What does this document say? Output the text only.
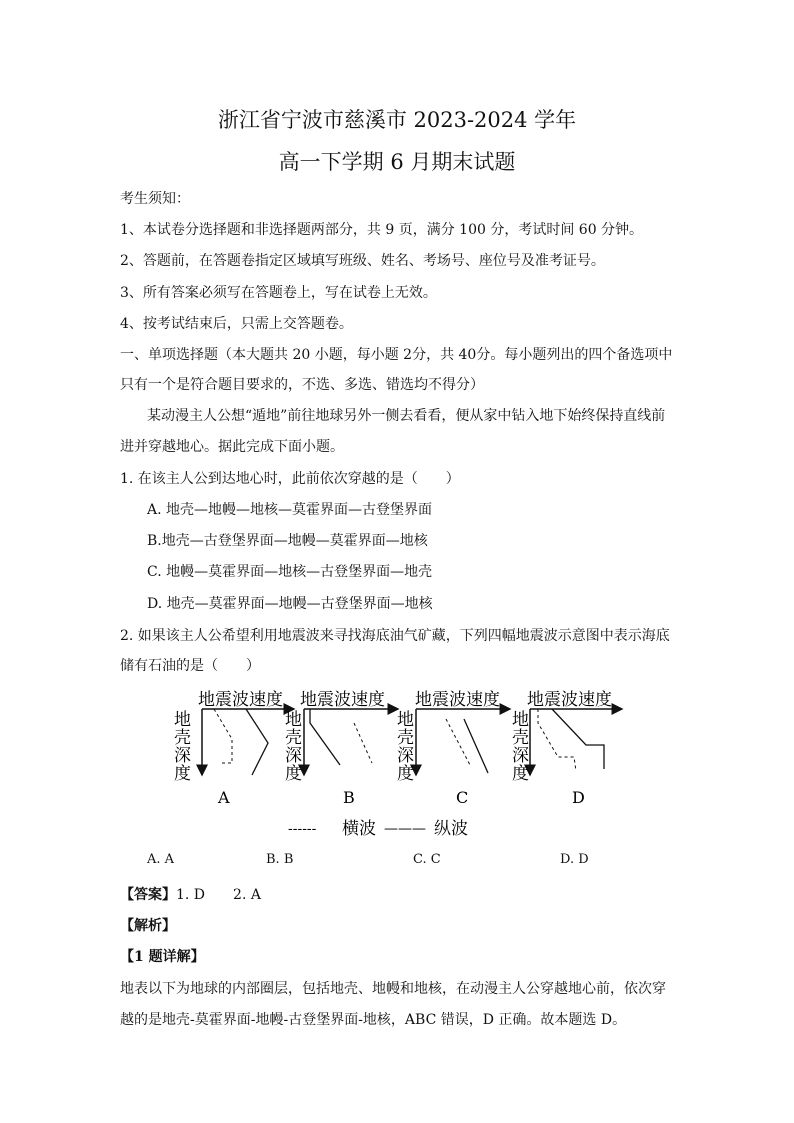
浙江省宁波市慈溪市 2023-2024 学年
高一下学期 6 月期末试题
考生须知：
1、本试卷分选择题和非选择题两部分，共 9 页，满分 100 分，考试时间 60 分钟。
2、答题前，在答题卷指定区域填写班级、姓名、考场号、座位号及准考证号。
3、所有答案必须写在答题卷上，写在试卷上无效。
4、按考试结束后，只需上交答题卷。
一、单项选择题（本大题共 20 小题，每小题 2分，共 40分。每小题列出的四个备选项中
只有一个是符合题目要求的，不选、多选、错选均不得分）
某动漫主人公想“遁地”前往地球另外一侧去看看，便从家中钻入地下始终保持直线前
进并穿越地心。据此完成下面小题。
1. 在该主人公到达地心时，此前依次穿越的是（　　）
A. 地壳—地幔—地核—莫霍界面—古登堡界面
B.地壳—古登堡界面—地幔—莫霍界面—地核
C. 地幔—莫霍界面—地核—古登堡界面—地壳
D. 地壳—莫霍界面—地幔—古登堡界面—地核
2. 如果该主人公希望利用地震波来寻找海底油气矿藏，下列四幅地震波示意图中表示海底
储有石油的是（　　）
地震波速度
地
壳
深
度
A
地震波速度
地
壳
深
度
B
地震波速度
地
壳
深
度
C
地震波速度
地
壳
深
度
D
------ 横波 ——— 纵波
A. A	B. B	C. C	D. D
【答案】1. D　　2. A
【解析】
【1 题详解】
地表以下为地球的内部圈层，包括地壳、地幔和地核，在动漫主人公穿越地心前，依次穿
越的是地壳-莫霍界面-地幔-古登堡界面-地核，ABC 错误，D 正确。故本题选 D。
